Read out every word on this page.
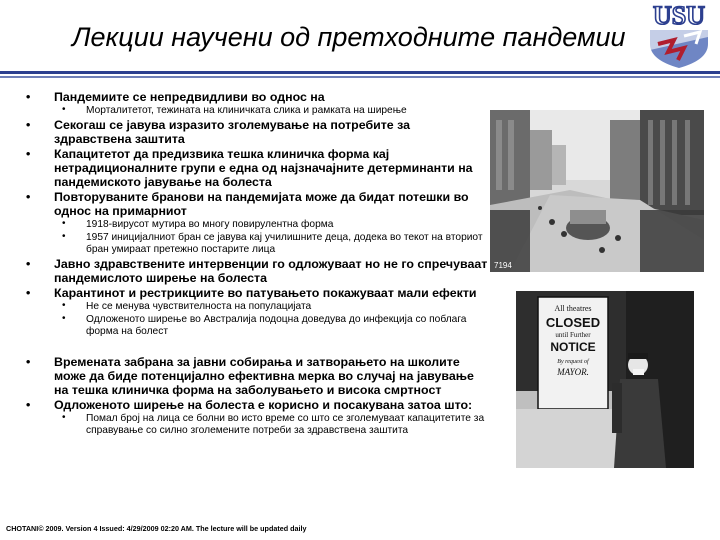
Лекции научени од претходните пандемии
USU
• Пандемиите се непредвидливи во однос на
• Морталитетот, тежината на клиничката слика и рамката на ширење
• Секогаш се јавува изразито зголемување на потребите за здравствена заштита
• Капацитетот да предизвика тешка клиничка форма кај нетрадиционалните групи е една од најзначајните детерминанти на пандемиското јавување на болеста
• Повторуваните бранови на пандемијата може да бидат потешки во однос на примарниот
• 1918-вирусот мутира во многу повирулентна форма
• 1957 иницијалниот бран се јавува кај училишните деца, додека во текот на вториот бран умираат претежно постарите лица
• Јавно здравствените интервенции го одложуваат но не го спречуваат пандемислото ширење на болеста
• Карантинот и рестрикциите во патувањето покажуваат мали ефекти
• Не се менува чувствителноста на популацијата
• Одложеното ширење во Австралија подоцна доведува до инфекција со поблага форма на болест
• Времената забрана за јавни собирања и затворањето на школите може да биде потенцијално ефективна мерка во случај на јавување на тешка клиничка форма на заболувањето и висока смртност
• Одложеното ширење на болеста е корисно и посакувана затоа што:
• Помал број на лица се болни во исто време со што се зголемуваат капацитетите за справување со силно зголемените потреби за здравствена заштита
7194
All theatres
CLOSED
until Further
NOTICE
By request of
MAYOR.
CHOTANI© 2009. Version 4 Issued: 4/29/2009 02:20 AM. The lecture will be updated daily
